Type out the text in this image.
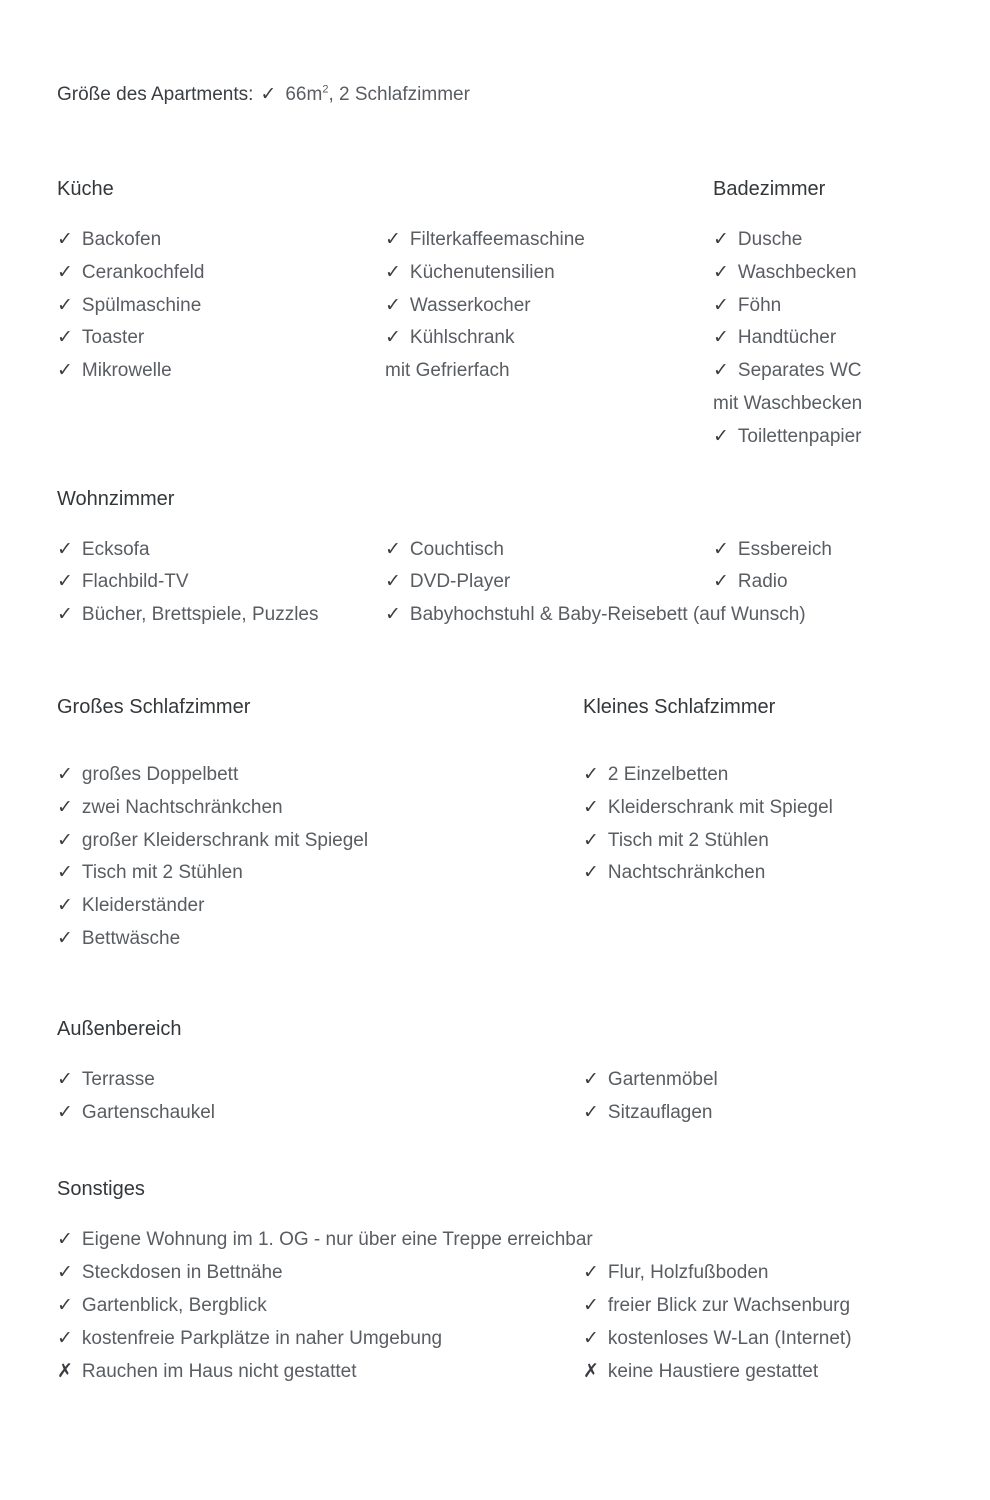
Größe des Apartments: ✓ $66m^2$, 2 Schlafzimmer
Küche	Badezimmer
✓ Backofen
✓ Cerankochfeld
✓ Spülmaschine
✓ Toaster
✓ Mikrowelle
✓ Filterkaffeemaschine
✓ Küchenutensilien
✓ Wasserkocher
✓ Kühlschrank
mit Gefrierfach
✓ Dusche
✓ Waschbecken
✓ Föhn
✓ Handtücher
✓ Separates WC
mit Waschbecken
✓ Toilettenpapier
Wohnzimmer
✓ Ecksofa
✓ Flachbild-TV
✓ Bücher, Brettspiele, Puzzles
✓ Couchtisch
✓ DVD-Player
✓ Babyhochstuhl & Baby-Reisebett (auf Wunsch)
✓ Essbereich
✓ Radio
Großes Schlafzimmer	Kleines Schlafzimmer
✓ großes Doppelbett
✓ zwei Nachtschränkchen
✓ großer Kleiderschrank mit Spiegel
✓ Tisch mit 2 Stühlen
✓ Kleiderständer
✓ Bettwäsche
✓ 2 Einzelbetten
✓ Kleiderschrank mit Spiegel
✓ Tisch mit 2 Stühlen
✓ Nachtschränkchen
Außenbereich
✓ Terrasse
✓ Gartenschaukel
✓ Gartenmöbel
✓ Sitzauflagen
Sonstiges
✓ Eigene Wohnung im 1. OG - nur über eine Treppe erreichbar
✓ Steckdosen in Bettnähe
✓ Gartenblick, Bergblick
✓ kostenfreie Parkplätze in naher Umgebung
✗ Rauchen im Haus nicht gestattet
✓ Flur, Holzfußboden
✓ freier Blick zur Wachsenburg
✓ kostenloses W-Lan (Internet)
✗ keine Haustiere gestattet
